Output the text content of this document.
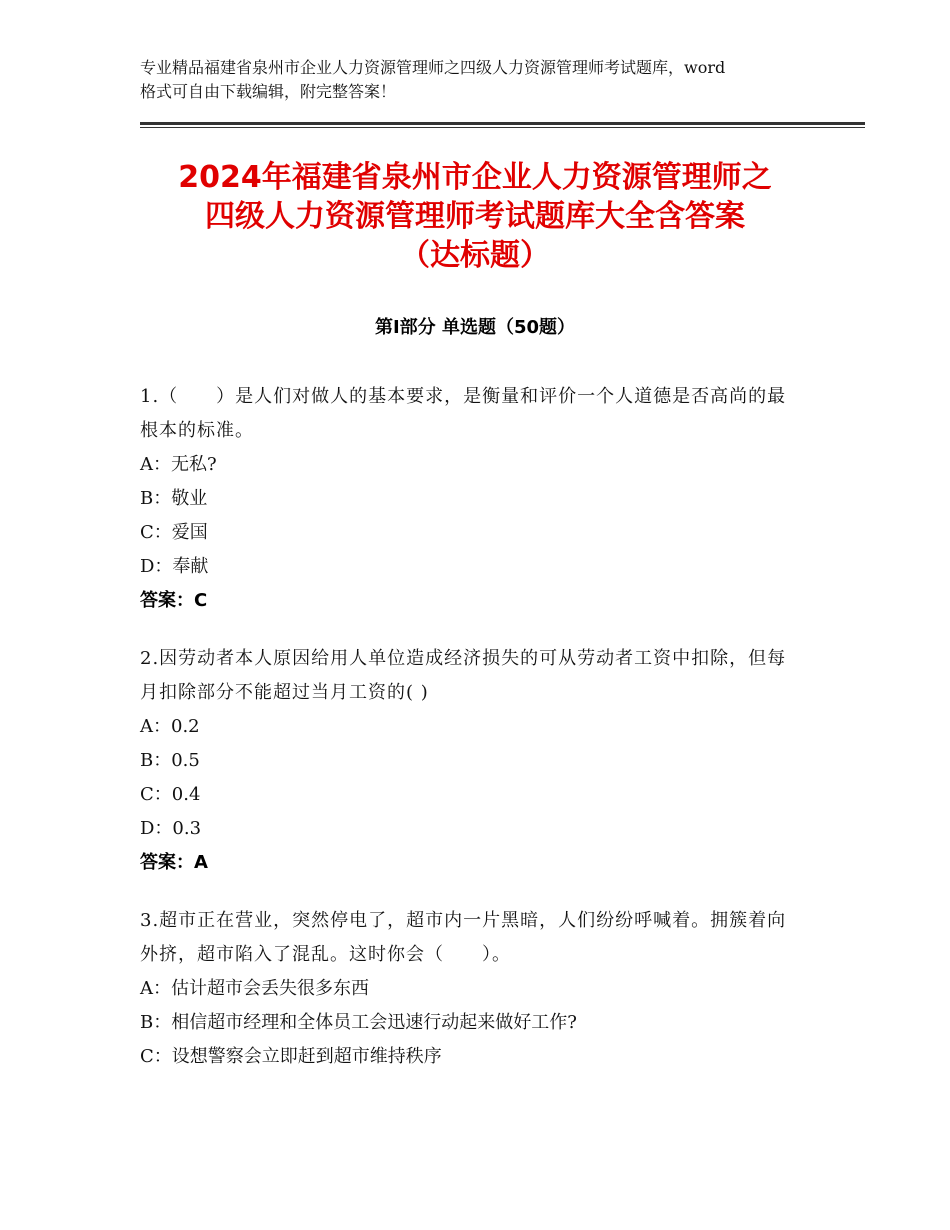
专业精品福建省泉州市企业人力资源管理师之四级人力资源管理师考试题库，word
格式可自由下载编辑，附完整答案！
2024年福建省泉州市企业人力资源管理师之
四级人力资源管理师考试题库大全含答案
（达标题）
第Ⅰ部分 单选题（50题）
1.（　　）是人们对做人的基本要求，是衡量和评价一个人道德是否高尚的最根本的标准。
A：无私?
B：敬业
C：爱国
D：奉献
答案：C
2.因劳动者本人原因给用人单位造成经济损失的可从劳动者工资中扣除，但每月扣除部分不能超过当月工资的( )
A：0.2
B：0.5
C：0.4
D：0.3
答案：A
3.超市正在营业，突然停电了，超市内一片黑暗，人们纷纷呼喊着。拥簇着向外挤，超市陷入了混乱。这时你会（　　）。
A：估计超市会丢失很多东西
B：相信超市经理和全体员工会迅速行动起来做好工作?
C：设想警察会立即赶到超市维持秩序
